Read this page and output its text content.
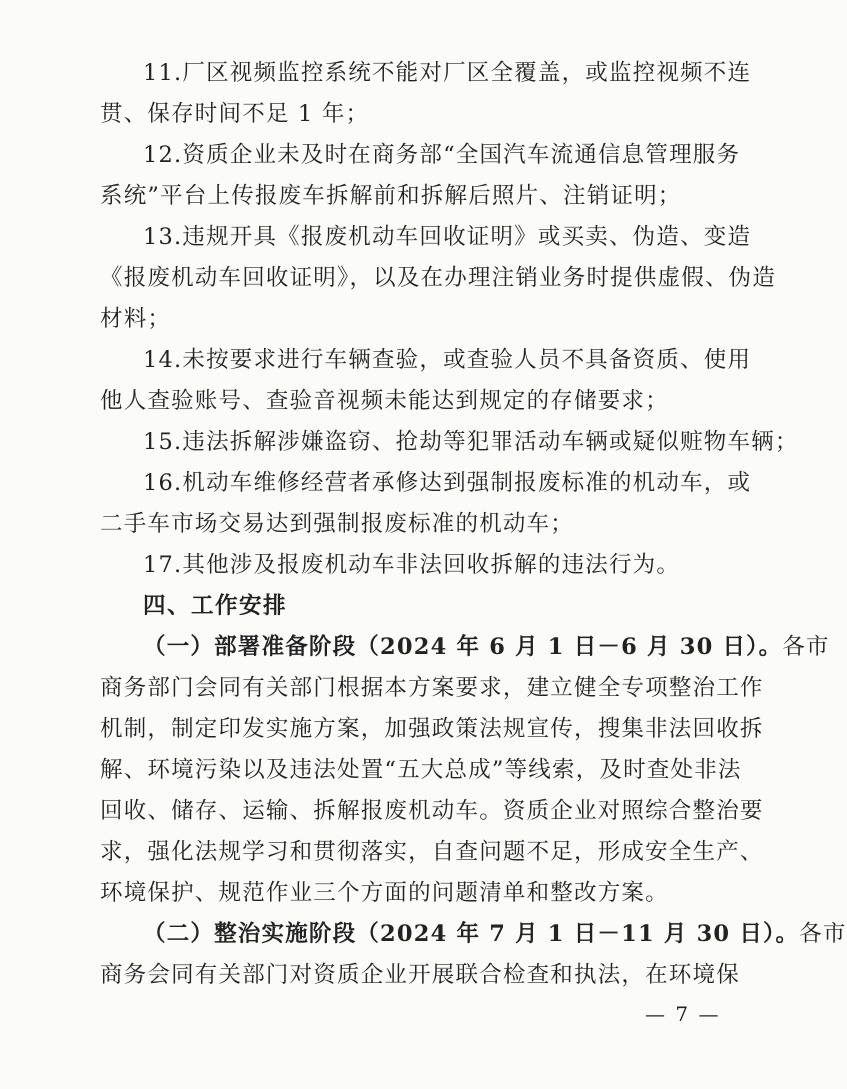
11.厂区视频监控系统不能对厂区全覆盖，或监控视频不连
贯、保存时间不足 1 年；
12.资质企业未及时在商务部“全国汽车流通信息管理服务
系统”平台上传报废车拆解前和拆解后照片、注销证明；
13.违规开具《报废机动车回收证明》或买卖、伪造、变造
《报废机动车回收证明》，以及在办理注销业务时提供虚假、伪造
材料；
14.未按要求进行车辆查验，或查验人员不具备资质、使用
他人查验账号、查验音视频未能达到规定的存储要求；
15.违法拆解涉嫌盗窃、抢劫等犯罪活动车辆或疑似赃物车辆；
16.机动车维修经营者承修达到强制报废标准的机动车，或
二手车市场交易达到强制报废标准的机动车；
17.其他涉及报废机动车非法回收拆解的违法行为。
四、工作安排
（一）部署准备阶段（2024 年 6 月 1 日－6 月 30 日）。各市
商务部门会同有关部门根据本方案要求，建立健全专项整治工作
机制，制定印发实施方案，加强政策法规宣传，搜集非法回收拆
解、环境污染以及违法处置“五大总成”等线索，及时查处非法
回收、储存、运输、拆解报废机动车。资质企业对照综合整治要
求，强化法规学习和贯彻落实，自查问题不足，形成安全生产、
环境保护、规范作业三个方面的问题清单和整改方案。
（二）整治实施阶段（2024 年 7 月 1 日－11 月 30 日）。各市
商务会同有关部门对资质企业开展联合检查和执法，在环境保
— 7 —
